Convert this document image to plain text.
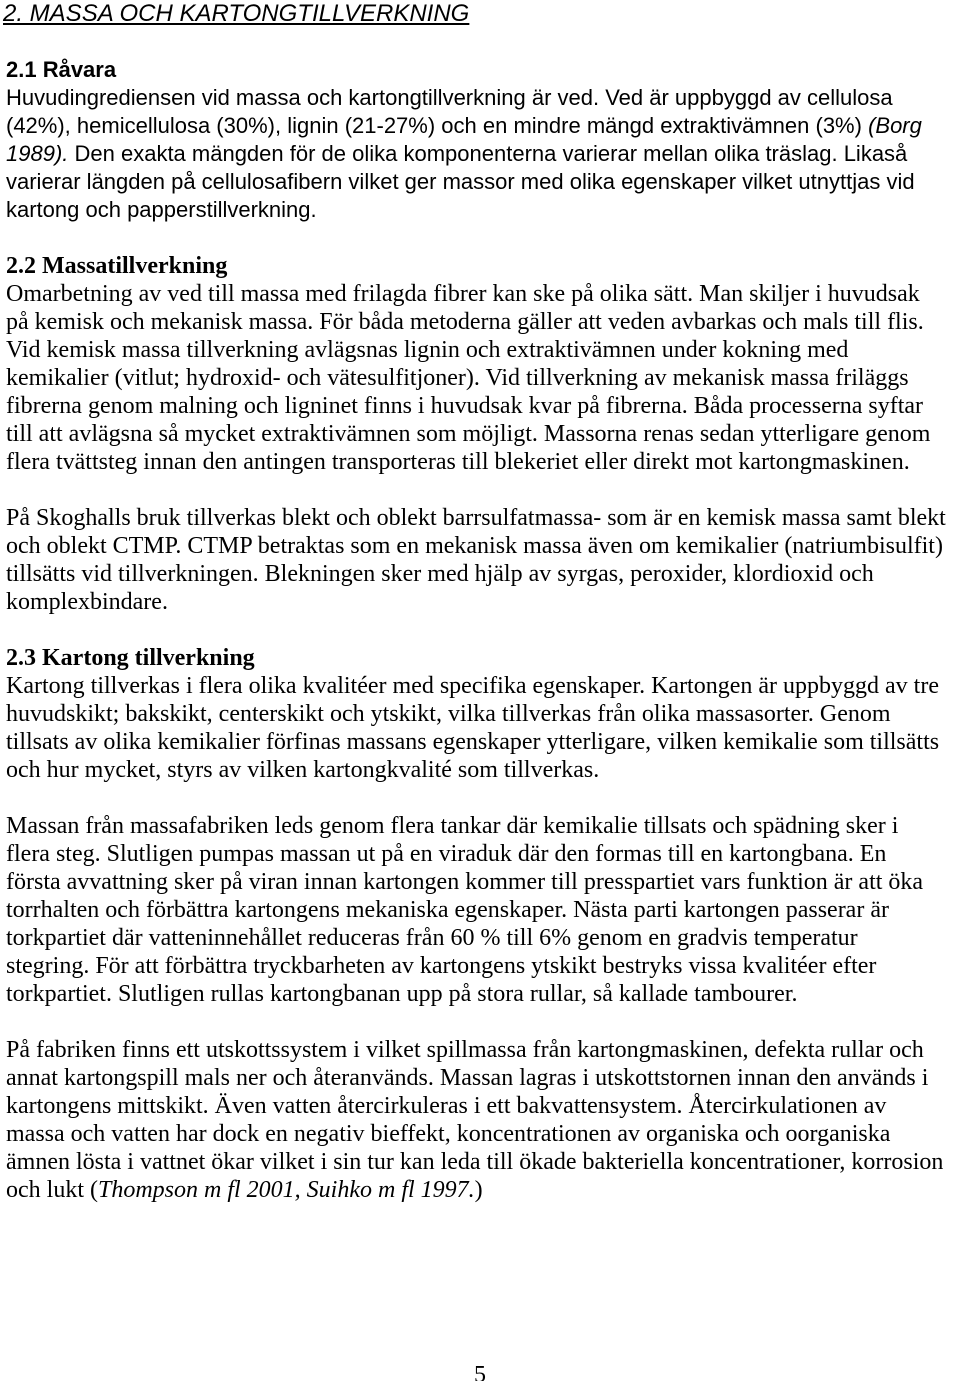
2. MASSA OCH KARTONGTILLVERKNING
2.1 Råvara
Huvudingrediensen vid massa och kartongtillverkning är ved. Ved är uppbyggd av cellulosa
(42%), hemicellulosa (30%), lignin (21-27%) och en mindre mängd extraktivämnen (3%) (Borg
1989). Den exakta mängden för de olika komponenterna varierar mellan olika träslag. Likaså
varierar längden på cellulosafibern vilket ger massor med olika egenskaper vilket utnyttjas vid
kartong och papperstillverkning.
2.2 Massatillverkning
Omarbetning av ved till massa med frilagda fibrer kan ske på olika sätt. Man skiljer i huvudsak
på kemisk och mekanisk massa. För båda metoderna gäller att veden avbarkas och mals till flis.
Vid kemisk massa tillverkning avlägsnas lignin och extraktivämnen under kokning med
kemikalier (vitlut; hydroxid- och vätesulfitjoner). Vid tillverkning av mekanisk massa friläggs
fibrerna genom malning och ligninet finns i huvudsak kvar på fibrerna. Båda processerna syftar
till att avlägsna så mycket extraktivämnen som möjligt. Massorna renas sedan ytterligare genom
flera tvättsteg innan den antingen transporteras till blekeriet eller direkt mot kartongmaskinen.
På Skoghalls bruk tillverkas blekt och oblekt barrsulfatmassa- som är en kemisk massa samt blekt
och oblekt CTMP. CTMP betraktas som en mekanisk massa även om kemikalier (natriumbisulfit)
tillsätts vid tillverkningen. Blekningen sker med hjälp av syrgas, peroxider, klordioxid och
komplexbindare.
2.3 Kartong tillverkning
Kartong tillverkas i flera olika kvalitéer med specifika egenskaper. Kartongen är uppbyggd av tre
huvudskikt; bakskikt, centerskikt och ytskikt, vilka tillverkas från olika massasorter. Genom
tillsats av olika kemikalier förfinas massans egenskaper ytterligare, vilken kemikalie som tillsätts
och hur mycket, styrs av vilken kartongkvalité som tillverkas.
Massan från massafabriken leds genom flera tankar där kemikalie tillsats och spädning sker i
flera steg. Slutligen pumpas massan ut på en viraduk där den formas till en kartongbana. En
första avvattning sker på viran innan kartongen kommer till presspartiet vars funktion är att öka
torrhalten och förbättra kartongens mekaniska egenskaper. Nästa parti kartongen passerar är
torkpartiet där vatteninnehållet reduceras från 60 % till 6% genom en gradvis temperatur
stegring. För att förbättra tryckbarheten av kartongens ytskikt bestryks vissa kvalitéer efter
torkpartiet. Slutligen rullas kartongbanan upp på stora rullar, så kallade tambourer.
På fabriken finns ett utskottssystem i vilket spillmassa från kartongmaskinen, defekta rullar och
annat kartongspill mals ner och återanvänds. Massan lagras i utskottstornen innan den används i
kartongens mittskikt. Även vatten återcirkuleras i ett bakvattensystem. Återcirkulationen av
massa och vatten har dock en negativ bieffekt, koncentrationen av organiska och oorganiska
ämnen lösta i vattnet ökar vilket i sin tur kan leda till ökade bakteriella koncentrationer, korrosion
och lukt (Thompson m fl 2001, Suihko m fl 1997.)
5
